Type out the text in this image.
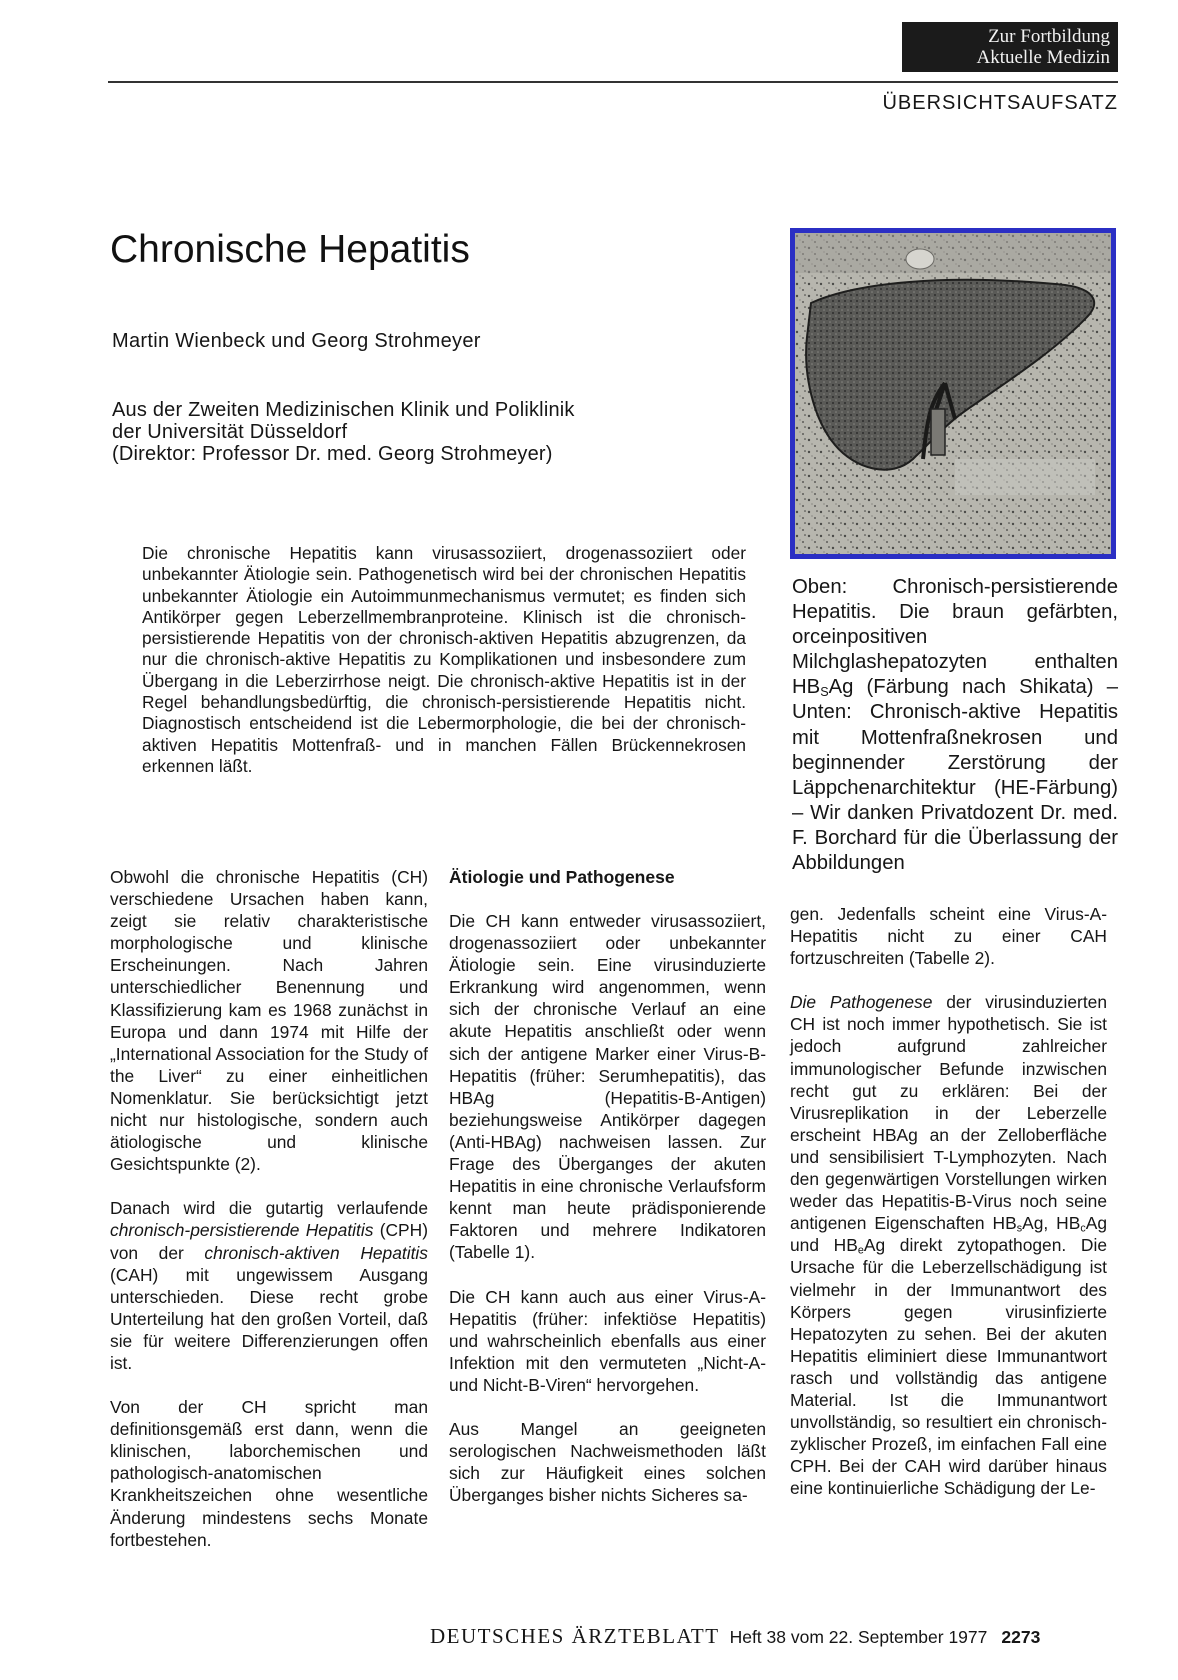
Zur Fortbildung
Aktuelle Medizin
ÜBERSICHTSAUFSATZ
Chronische Hepatitis
Martin Wienbeck und Georg Strohmeyer
Aus der Zweiten Medizinischen Klinik und Poliklinik
der Universität Düsseldorf
(Direktor: Professor Dr. med. Georg Strohmeyer)

Die chronische Hepatitis kann virusassoziiert, drogenassoziiert oder unbekannter Ätiologie sein. Pathogenetisch wird bei der chronischen Hepatitis unbekannter Ätiologie ein Autoimmunmechanismus vermutet; es finden sich Antikörper gegen Leberzellmembranproteine. Klinisch ist die chronisch-persistierende Hepatitis von der chronisch-aktiven Hepatitis abzugrenzen, da nur die chronisch-aktive Hepatitis zu Komplikationen und insbesondere zum Übergang in die Leberzirrhose neigt. Die chronisch-aktive Hepatitis ist in der Regel behandlungsbedürftig, die chronisch-persistierende Hepatitis nicht. Diagnostisch entscheidend ist die Lebermorphologie, die bei der chronisch-aktiven Hepatitis Mottenfraß- und in manchen Fällen Brückennekrosen erkennen läßt.

Oben: Chronisch-persistierende Hepatitis. Die braun gefärbten, orceinpositiven Milchglashepatozyten enthalten $HB_SAg$ (Färbung nach Shikata) – Unten: Chronisch-aktive Hepatitis mit Mottenfraßnekrosen und beginnender Zerstörung der Läppchenarchitektur (HE-Färbung) – Wir danken Privatdozent Dr. med. F. Borchard für die Überlassung der Abbildungen

Obwohl die chronische Hepatitis (CH) verschiedene Ursachen haben kann, zeigt sie relativ charakteristische morphologische und klinische Erscheinungen. Nach Jahren unterschiedlicher Benennung und Klassifizierung kam es 1968 zunächst in Europa und dann 1974 mit Hilfe der „International Association for the Study of the Liver“ zu einer einheitlichen Nomenklatur. Sie berücksichtigt jetzt nicht nur histologische, sondern auch ätiologische und klinische Gesichtspunkte (2).

Danach wird die gutartig verlaufende chronisch-persistierende Hepatitis (CPH) von der chronisch-aktiven Hepatitis (CAH) mit ungewissem Ausgang unterschieden. Diese recht grobe Unterteilung hat den großen Vorteil, daß sie für weitere Differenzierungen offen ist.

Von der CH spricht man definitionsgemäß erst dann, wenn die klinischen, laborchemischen und pathologisch-anatomischen Krankheitszeichen ohne wesentliche Änderung mindestens sechs Monate fortbestehen.

Ätiologie und Pathogenese

Die CH kann entweder virusassoziiert, drogenassoziiert oder unbekannter Ätiologie sein. Eine virusinduzierte Erkrankung wird angenommen, wenn sich der chronische Verlauf an eine akute Hepatitis anschließt oder wenn sich der antigene Marker einer Virus-B-Hepatitis (früher: Serumhepatitis), das HBAg (Hepatitis-B-Antigen) beziehungsweise Antikörper dagegen (Anti-HBAg) nachweisen lassen. Zur Frage des Überganges der akuten Hepatitis in eine chronische Verlaufsform kennt man heute prädisponierende Faktoren und mehrere Indikatoren (Tabelle 1).

Die CH kann auch aus einer Virus-A-Hepatitis (früher: infektiöse Hepatitis) und wahrscheinlich ebenfalls aus einer Infektion mit den vermuteten „Nicht-A- und Nicht-B-Viren“ hervorgehen.

Aus Mangel an geeigneten serologischen Nachweismethoden läßt sich zur Häufigkeit eines solchen Überganges bisher nichts Sicheres sa-

gen. Jedenfalls scheint eine Virus-A-Hepatitis nicht zu einer CAH fortzuschreiten (Tabelle 2).

Die Pathogenese der virusinduzierten CH ist noch immer hypothetisch. Sie ist jedoch aufgrund zahlreicher immunologischer Befunde inzwischen recht gut zu erklären: Bei der Virusreplikation in der Leberzelle erscheint HBAg an der Zelloberfläche und sensibilisiert T-Lymphozyten. Nach den gegenwärtigen Vorstellungen wirken weder das Hepatitis-B-Virus noch seine antigenen Eigenschaften $HB_sAg$, $HB_cAg$ und $HB_eAg$ direkt zytopathogen. Die Ursache für die Leberzellschädigung ist vielmehr in der Immunantwort des Körpers gegen virusinfizierte Hepatozyten zu sehen. Bei der akuten Hepatitis eliminiert diese Immunantwort rasch und vollständig das antigene Material. Ist die Immunantwort unvollständig, so resultiert ein chronisch-zyklischer Prozeß, im einfachen Fall eine CPH. Bei der CAH wird darüber hinaus eine kontinuierliche Schädigung der Le-

DEUTSCHES ÄRZTEBLATT Heft 38 vom 22. September 1977 2273
